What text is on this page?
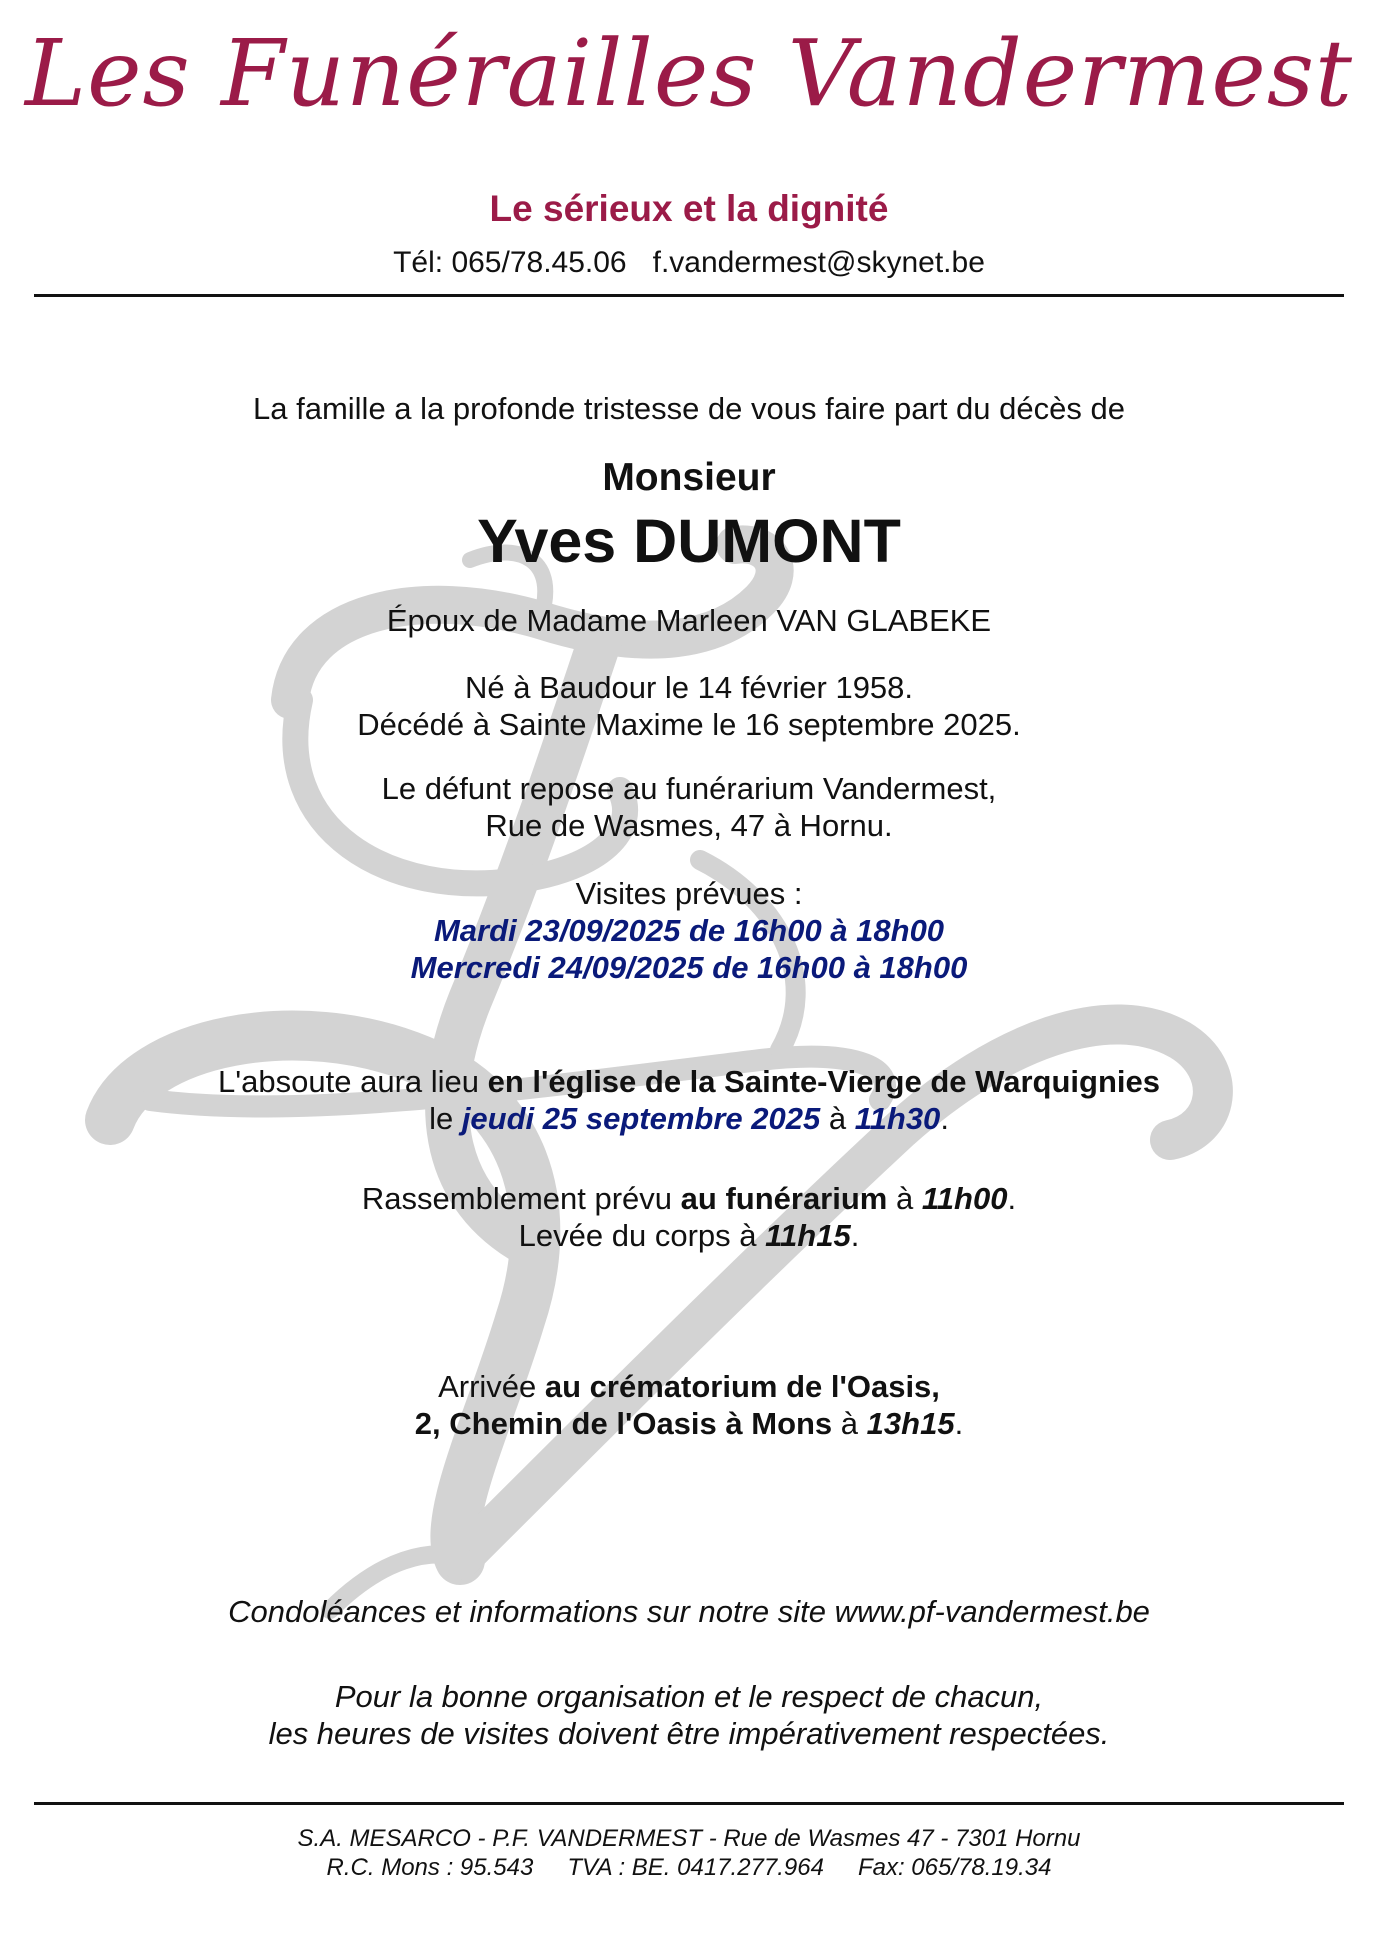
Les Funérailles Vandermest
Le sérieux et la dignité
Tél: 065/78.45.06 f.vandermest@skynet.be
La famille a la profonde tristesse de vous faire part du décès de
Monsieur
Yves DUMONT
Époux de Madame Marleen VAN GLABEKE
Né à Baudour le 14 février 1958.
Décédé à Sainte Maxime le 16 septembre 2025.
Le défunt repose au funérarium Vandermest,
Rue de Wasmes, 47 à Hornu.
Visites prévues :
Mardi 23/09/2025 de 16h00 à 18h00
Mercredi 24/09/2025 de 16h00 à 18h00
L'absoute aura lieu en l'église de la Sainte-Vierge de Warquignies
le jeudi 25 septembre 2025 à 11h30.
Rassemblement prévu au funérarium à 11h00.
Levée du corps à 11h15.
Arrivée au crématorium de l'Oasis,
2, Chemin de l'Oasis à Mons à 13h15.
Condoléances et informations sur notre site www.pf-vandermest.be
Pour la bonne organisation et le respect de chacun,
les heures de visites doivent être impérativement respectées.
S.A. MESARCO - P.F. VANDERMEST - Rue de Wasmes 47 - 7301 Hornu
R.C. Mons : 95.543 TVA : BE. 0417.277.964 Fax: 065/78.19.34
